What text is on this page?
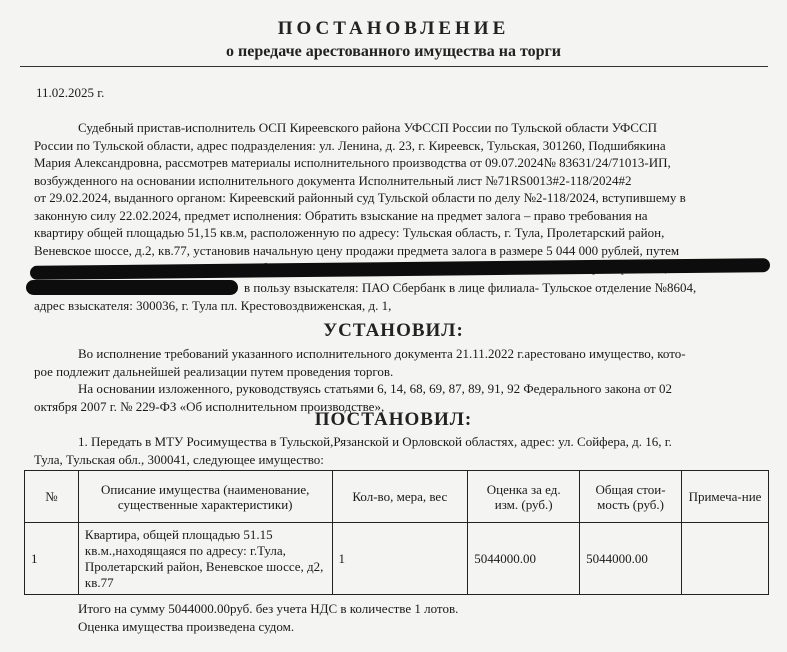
ПОСТАНОВЛЕНИЕ
о передаче арестованного имущества на торги
11.02.2025 г.
Судебный пристав-исполнитель ОСП Киреевского района УФССП России по Тульской области УФССП
России по Тульской области, адрес подразделения: ул. Ленина, д. 23, г. Киреевск, Тульская, 301260, Подшибякина
Мария Александровна, рассмотрев материалы исполнительного производства от 09.07.2024№ 83631/24/71013-ИП,
возбужденного на основании исполнительного документа Исполнительный лист №71RS0013#2-118/2024#2
от 29.02.2024, выданного органом: Киреевский районный суд Тульской области по делу №2-118/2024, вступившему в
законную силу 22.02.2024, предмет исполнения: Обратить взыскание на предмет залога – право требования на
квартиру общей площадью 51,15 кв.м, расположенную по адресу: Тульская область, г. Тула, Пролетарский район,
Веневское шоссе, д.2, кв.77, установив начальную цену продажи предмета залога в размере 5 044 000 рублей, путем
в пользу взыскателя: ПАО Сбербанк в лице филиала- Тульское отделение №8604,
адрес взыскателя: 300036, г. Тула пл. Крестовоздвиженская, д. 1,
УСТАНОВИЛ:
Во исполнение требований указанного исполнительного документа 21.11.2022 г.арестовано имущество, кото-
рое подлежит дальнейшей реализации путем проведения торгов.
На основании изложенного, руководствуясь статьями 6, 14, 68, 69, 87, 89, 91, 92 Федерального закона от 02
октября 2007 г. № 229-ФЗ «Об исполнительном производстве»,
ПОСТАНОВИЛ:
1. Передать в МТУ Росимущества в Тульской,Рязанской и Орловской областях, адрес: ул. Сойфера, д. 16, г.
Тула, Тульская обл., 300041, следующее имущество:
№	Описание имущества (наименование, существенные характеристики)	Кол-во, мера, вес	Оценка за ед. изм. (руб.)	Общая стои-мость (руб.)	Примеча-ние
1	Квартира, общей площадью 51.15 кв.м.,находящаяся по адресу: г.Тула, Пролетарский район, Веневское шоссе, д2, кв.77	1	5044000.00	5044000.00	
Итого на сумму 5044000.00руб. без учета НДС в количестве 1 лотов.
Оценка имущества произведена судом.
